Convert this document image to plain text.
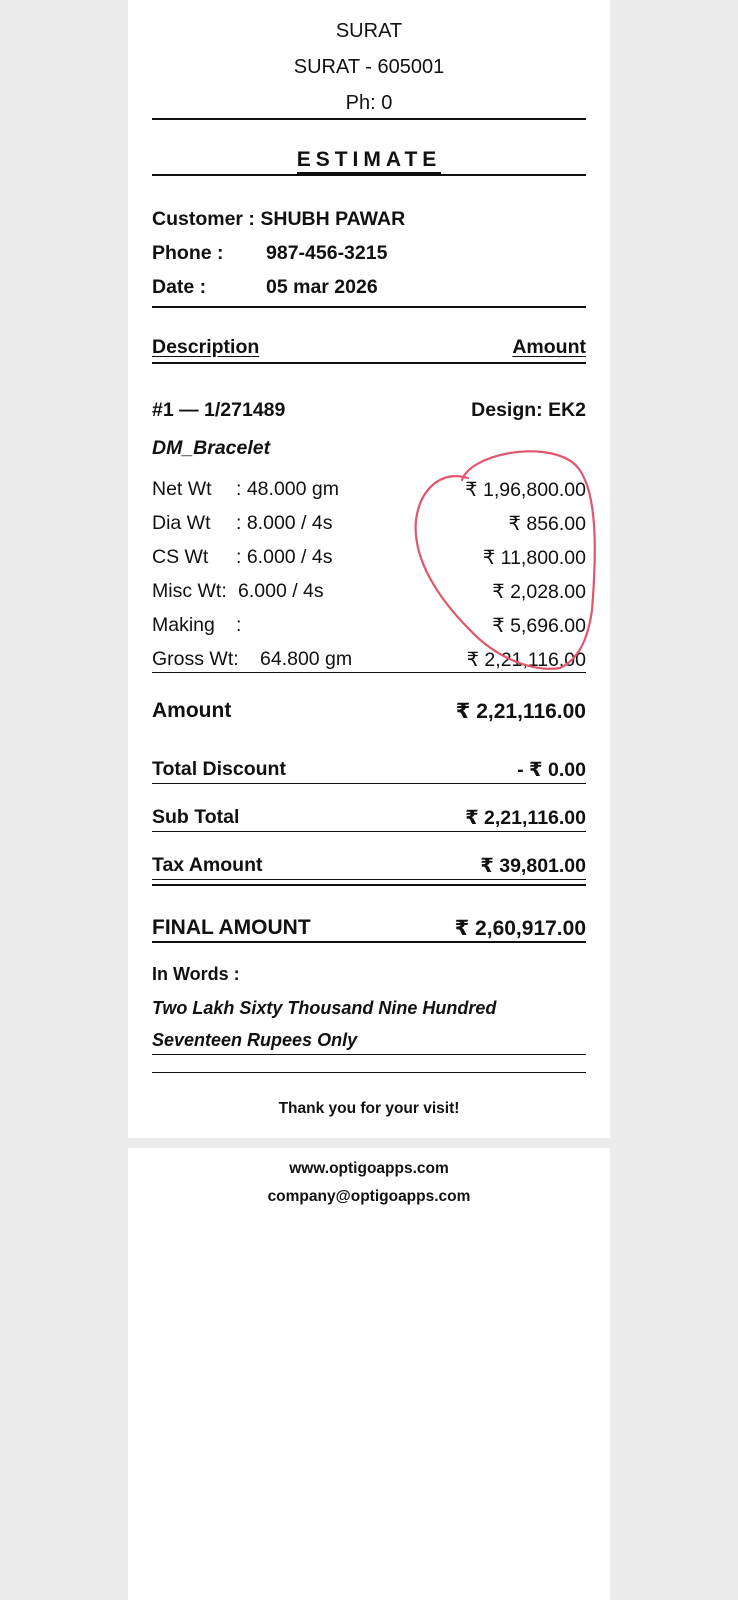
SURAT
SURAT - 605001
Ph: 0
ESTIMATE
Customer : SHUBH PAWAR
Phone : 987-456-3215
Date :	05 mar 2026
Description	Amount
#1 — 1/271489	Design: EK2
DM_Bracelet
Net Wt : 48.000 gm	₹ 1,96,800.00
Dia Wt : 8.000 / 4s	₹ 856.00
CS Wt : 6.000 / 4s	₹ 11,800.00
Misc Wt: 6.000 / 4s	₹ 2,028.00
Making :	₹ 5,696.00
Gross Wt: 64.800 gm	₹ 2,21,116.00
Amount	₹ 2,21,116.00
Total Discount	- ₹ 0.00
Sub Total	₹ 2,21,116.00
Tax Amount	₹ 39,801.00
FINAL AMOUNT	₹ 2,60,917.00
In Words :
Two Lakh Sixty Thousand Nine Hundred
Seventeen Rupees Only
Thank you for your visit!
www.optigoapps.com
company@optigoapps.com
